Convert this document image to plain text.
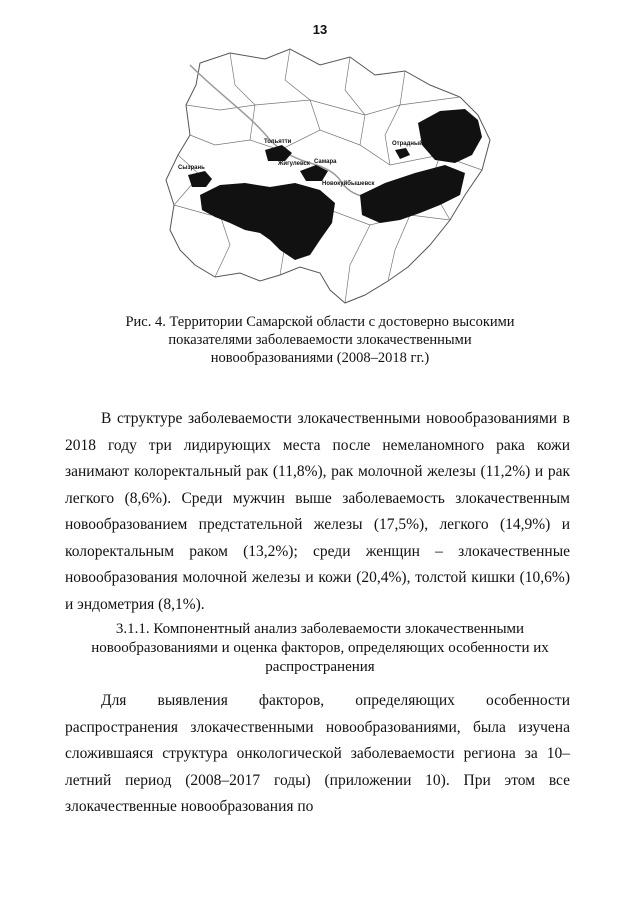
13
Тольятти
Сызрань
Жигулевск Самара
Новокуйбышевск
Отрадный
Рис. 4. Территории Самарской области с достоверно высокими показателями заболеваемости злокачественными новообразованиями (2008–2018 гг.)
В структуре заболеваемости злокачественными новообразованиями в 2018 году три лидирующих места после немеланомного рака кожи занимают колоректальный рак (11,8%), рак молочной железы (11,2%) и рак легкого (8,6%). Среди мужчин выше заболеваемость злокачественным новообразованием предстательной железы (17,5%), легкого (14,9%) и колоректальным раком (13,2%); среди женщин – злокачественные новообразования молочной железы и кожи (20,4%), толстой кишки (10,6%) и эндометрия (8,1%).
3.1.1. Компонентный анализ заболеваемости злокачественными новообразованиями и оценка факторов, определяющих особенности их распространения
Для выявления факторов, определяющих особенности распространения злокачественными новообразованиями, была изучена сложившаяся структура онкологической заболеваемости региона за 10–летний период (2008–2017 годы) (приложении 10). При этом все злокачественные новообразования по
